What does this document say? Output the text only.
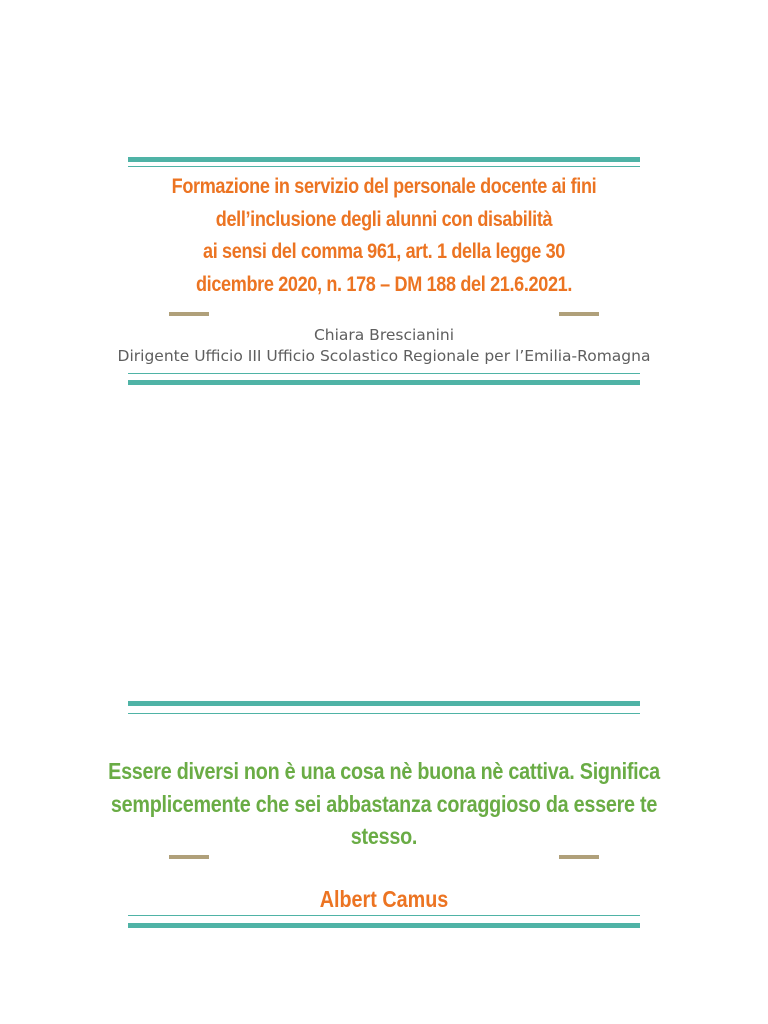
Formazione in servizio del personale docente ai fini
dell’inclusione degli alunni con disabilità
ai sensi del comma 961, art. 1 della legge 30
dicembre 2020, n. 178 – DM 188 del 21.6.2021.
Chiara Brescianini
Dirigente Ufficio III Ufficio Scolastico Regionale per l’Emilia-Romagna
Essere diversi non è una cosa nè buona nè cattiva. Significa
semplicemente che sei abbastanza coraggioso da essere te
stesso.
Albert Camus
